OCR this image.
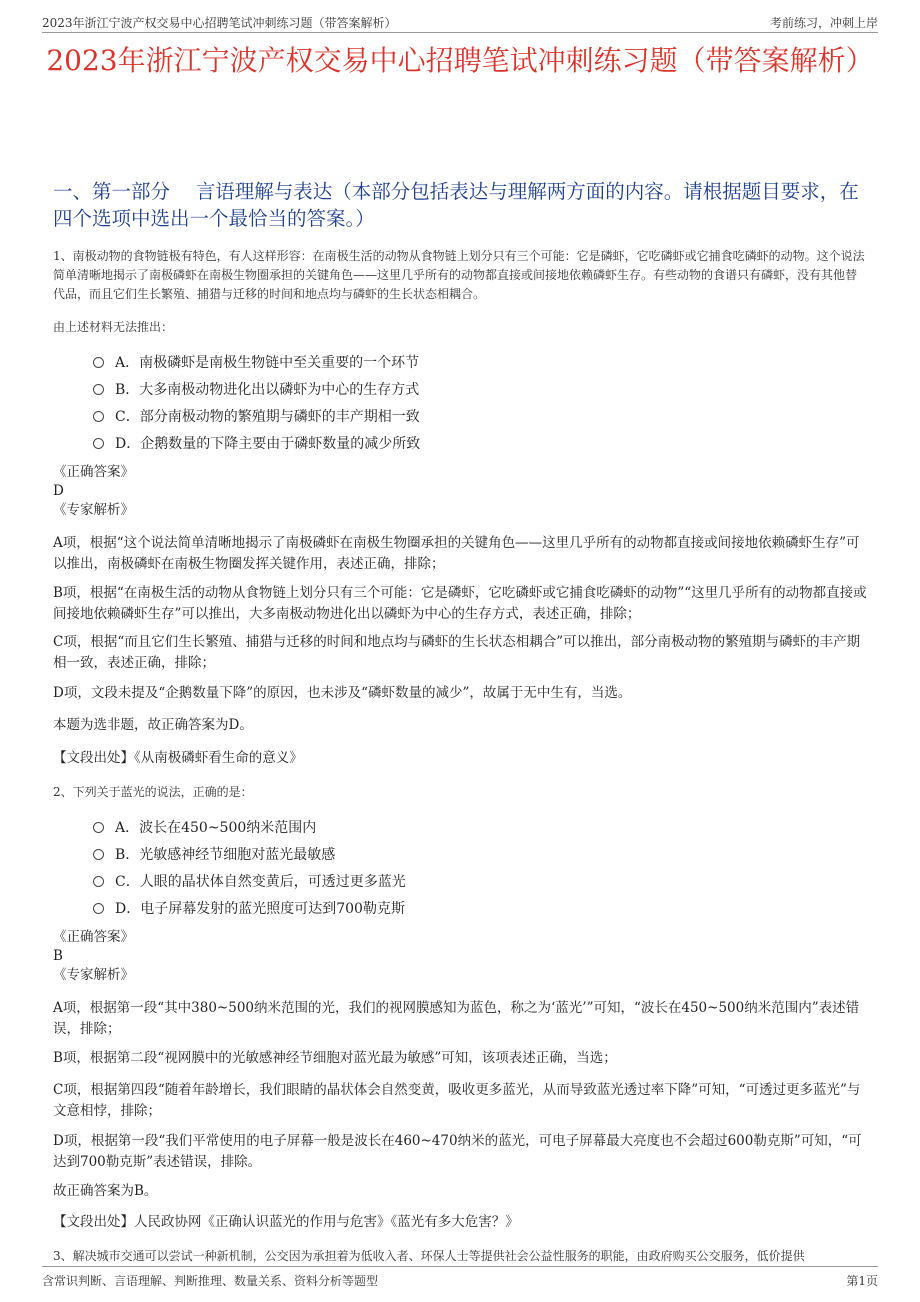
2023年浙江宁波产权交易中心招聘笔试冲刺练习题（带答案解析）	考前练习，冲刺上岸
2023年浙江宁波产权交易中心招聘笔试冲刺练习题（带答案解析）
一、第一部分　 言语理解与表达（本部分包括表达与理解两方面的内容。请根据题目要求，在四个选项中选出一个最恰当的答案。）
1、南极动物的食物链极有特色，有人这样形容：在南极生活的动物从食物链上划分只有三个可能：它是磷虾，它吃磷虾或它捕食吃磷虾的动物。这个说法简单清晰地揭示了南极磷虾在南极生物圈承担的关键角色——这里几乎所有的动物都直接或间接地依赖磷虾生存。有些动物的食谱只有磷虾，没有其他替代品，而且它们生长繁殖、捕猎与迁移的时间和地点均与磷虾的生长状态相耦合。
由上述材料无法推出：
A．南极磷虾是南极生物链中至关重要的一个环节
B．大多南极动物进化出以磷虾为中心的生存方式
C．部分南极动物的繁殖期与磷虾的丰产期相一致
D．企鹅数量的下降主要由于磷虾数量的减少所致
《正确答案》
D
《专家解析》
A项，根据“这个说法简单清晰地揭示了南极磷虾在南极生物圈承担的关键角色——这里几乎所有的动物都直接或间接地依赖磷虾生存”可以推出，南极磷虾在南极生物圈发挥关键作用，表述正确，排除；
B项，根据“在南极生活的动物从食物链上划分只有三个可能：它是磷虾，它吃磷虾或它捕食吃磷虾的动物”“这里几乎所有的动物都直接或间接地依赖磷虾生存”可以推出，大多南极动物进化出以磷虾为中心的生存方式，表述正确，排除；
C项，根据“而且它们生长繁殖、捕猎与迁移的时间和地点均与磷虾的生长状态相耦合”可以推出，部分南极动物的繁殖期与磷虾的丰产期相一致，表述正确，排除；
D项，文段未提及“企鹅数量下降”的原因，也未涉及“磷虾数量的减少”，故属于无中生有，当选。
本题为选非题，故正确答案为D。
【文段出处】《从南极磷虾看生命的意义》
2、下列关于蓝光的说法，正确的是：
A．波长在450~500纳米范围内
B．光敏感神经节细胞对蓝光最敏感
C．人眼的晶状体自然变黄后，可透过更多蓝光
D．电子屏幕发射的蓝光照度可达到700勒克斯
《正确答案》
B
《专家解析》
A项，根据第一段“其中380~500纳米范围的光，我们的视网膜感知为蓝色，称之为‘蓝光’”可知，“波长在450~500纳米范围内”表述错误，排除；
B项，根据第二段“视网膜中的光敏感神经节细胞对蓝光最为敏感”可知，该项表述正确，当选；
C项，根据第四段“随着年龄增长，我们眼睛的晶状体会自然变黄，吸收更多蓝光，从而导致蓝光透过率下降”可知，“可透过更多蓝光”与文意相悖，排除；
D项，根据第一段“我们平常使用的电子屏幕一般是波长在460~470纳米的蓝光，可电子屏幕最大亮度也不会超过600勒克斯”可知，“可达到700勒克斯”表述错误，排除。
故正确答案为B。
【文段出处】人民政协网《正确认识蓝光的作用与危害》《蓝光有多大危害？》
3、解决城市交通可以尝试一种新机制，公交因为承担着为低收入者、环保人士等提供社会公益性服务的职能，由政府购买公交服务，低价提供
含常识判断、言语理解、判断推理、数量关系、资料分析等题型	第1页
